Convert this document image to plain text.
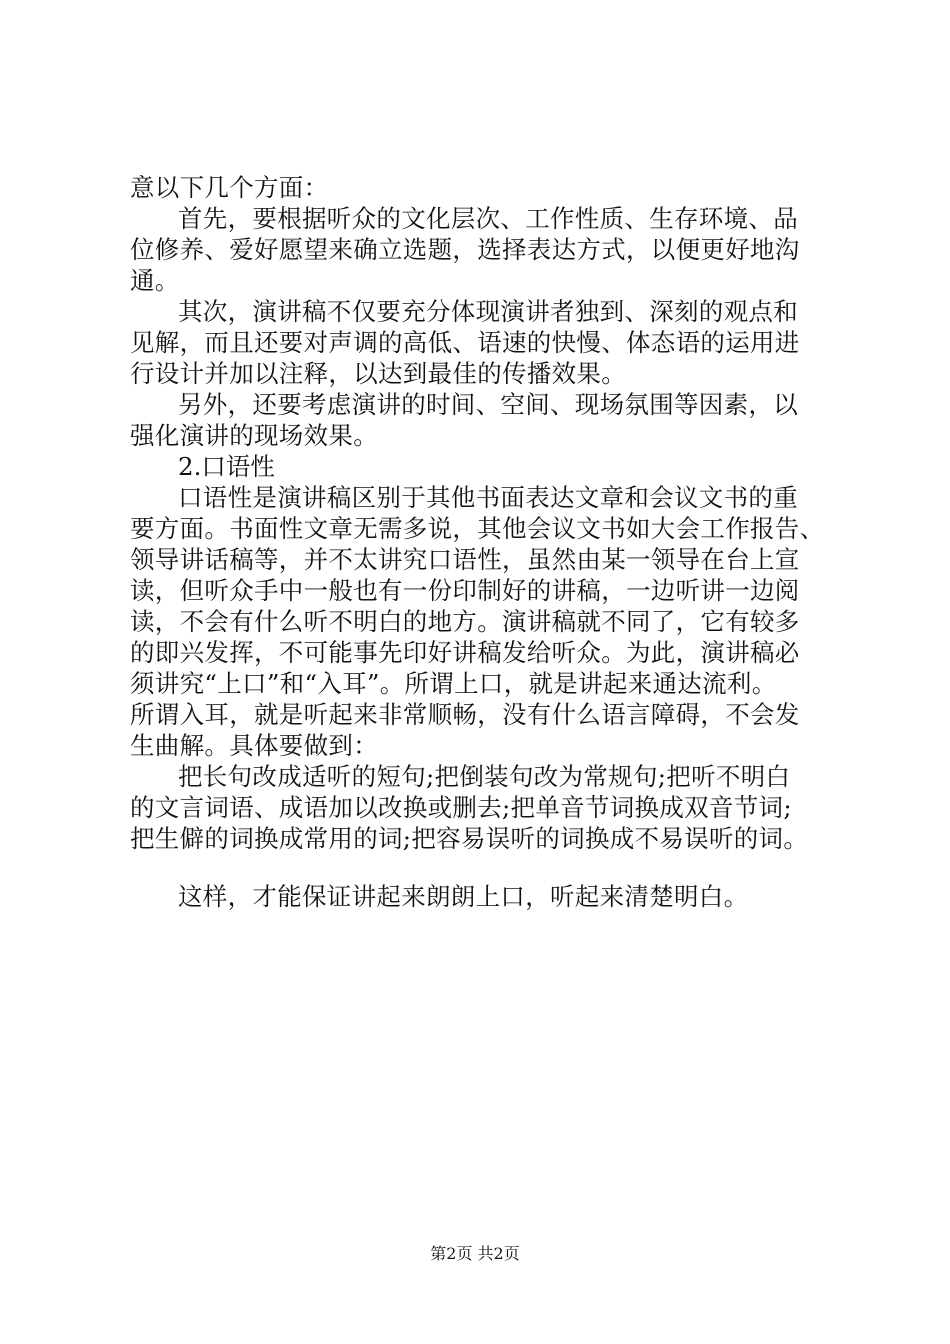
意以下几个方面：
首先，要根据听众的文化层次、工作性质、生存环境、品
位修养、爱好愿望来确立选题，选择表达方式，以便更好地沟
通。
其次，演讲稿不仅要充分体现演讲者独到、深刻的观点和
见解，而且还要对声调的高低、语速的快慢、体态语的运用进
行设计并加以注释，以达到最佳的传播效果。
另外，还要考虑演讲的时间、空间、现场氛围等因素，以
强化演讲的现场效果。
2.口语性
口语性是演讲稿区别于其他书面表达文章和会议文书的重
要方面。书面性文章无需多说，其他会议文书如大会工作报告、
领导讲话稿等，并不太讲究口语性，虽然由某一领导在台上宣
读，但听众手中一般也有一份印制好的讲稿，一边听讲一边阅
读，不会有什么听不明白的地方。演讲稿就不同了，它有较多
的即兴发挥，不可能事先印好讲稿发给听众。为此，演讲稿必
须讲究“上口”和“入耳”。所谓上口，就是讲起来通达流利。
所谓入耳，就是听起来非常顺畅，没有什么语言障碍，不会发
生曲解。具体要做到：
把长句改成适听的短句;把倒装句改为常规句;把听不明白
的文言词语、成语加以改换或删去;把单音节词换成双音节词;
把生僻的词换成常用的词;把容易误听的词换成不易误听的词。
这样，才能保证讲起来朗朗上口，听起来清楚明白。
第2页 共2页
